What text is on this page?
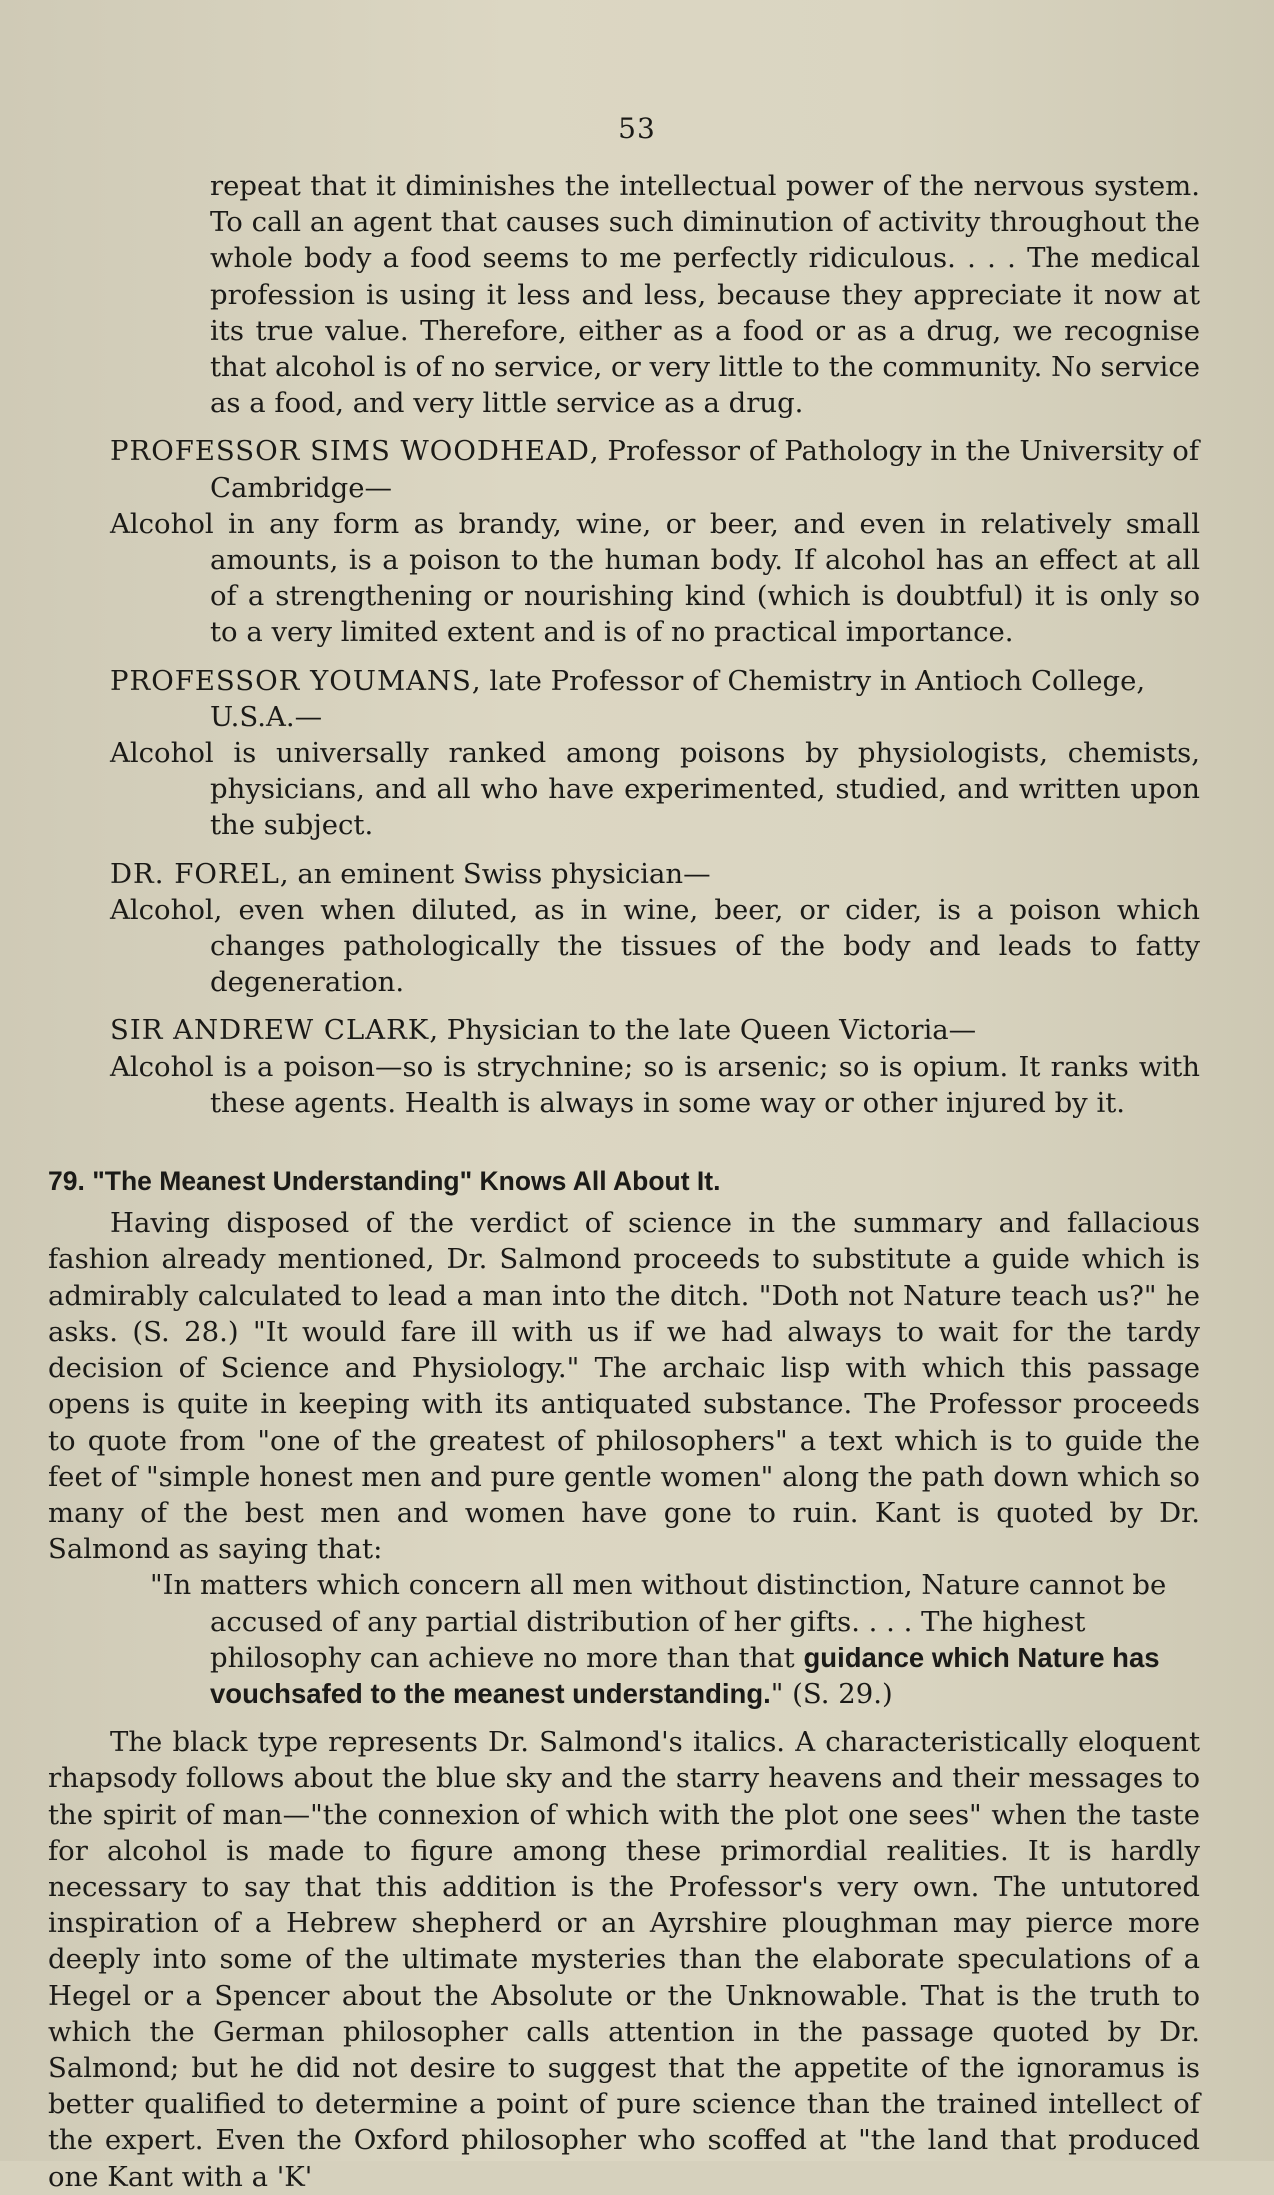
53

repeat that it diminishes the intellectual power of the nervous system. To call an agent that causes such diminution of activity throughout the whole body a food seems to me perfectly ridiculous. . . . The medical profession is using it less and less, because they appreciate it now at its true value. Therefore, either as a food or as a drug, we recognise that alcohol is of no service, or very little to the community. No service as a food, and very little service as a drug.

PROFESSOR SIMS WOODHEAD, Professor of Pathology in the University of Cambridge—

Alcohol in any form as brandy, wine, or beer, and even in relatively small amounts, is a poison to the human body. If alcohol has an effect at all of a strengthening or nourishing kind (which is doubtful) it is only so to a very limited extent and is of no practical importance.

PROFESSOR YOUMANS, late Professor of Chemistry in Antioch College, U.S.A.—

Alcohol is universally ranked among poisons by physiologists, chemists, physicians, and all who have experimented, studied, and written upon the subject.

DR. FOREL, an eminent Swiss physician—

Alcohol, even when diluted, as in wine, beer, or cider, is a poison which changes pathologically the tissues of the body and leads to fatty degeneration.

SIR ANDREW CLARK, Physician to the late Queen Victoria—

Alcohol is a poison—so is strychnine; so is arsenic; so is opium. It ranks with these agents. Health is always in some way or other injured by it.

79. "The Meanest Understanding" Knows All About It.

Having disposed of the verdict of science in the summary and fallacious fashion already mentioned, Dr. Salmond proceeds to substitute a guide which is admirably calculated to lead a man into the ditch. "Doth not Nature teach us?" he asks. (S. 28.) "It would fare ill with us if we had always to wait for the tardy decision of Science and Physiology." The archaic lisp with which this passage opens is quite in keeping with its antiquated substance. The Professor proceeds to quote from "one of the greatest of philosophers" a text which is to guide the feet of "simple honest men and pure gentle women" along the path down which so many of the best men and women have gone to ruin. Kant is quoted by Dr. Salmond as saying that:

"In matters which concern all men without distinction, Nature cannot be accused of any partial distribution of her gifts. . . . The highest philosophy can achieve no more than that guidance which Nature has vouchsafed to the meanest understanding." (S. 29.)

The black type represents Dr. Salmond's italics. A characteristically eloquent rhapsody follows about the blue sky and the starry heavens and their messages to the spirit of man—"the connexion of which with the plot one sees" when the taste for alcohol is made to figure among these primordial realities. It is hardly necessary to say that this addition is the Professor's very own. The untutored inspiration of a Hebrew shepherd or an Ayrshire ploughman may pierce more deeply into some of the ultimate mysteries than the elaborate speculations of a Hegel or a Spencer about the Absolute or the Unknowable. That is the truth to which the German philosopher calls attention in the passage quoted by Dr. Salmond; but he did not desire to suggest that the appetite of the ignoramus is better qualified to determine a point of pure science than the trained intellect of the expert. Even the Oxford philosopher who scoffed at "the land that produced one Kant with a 'K'
